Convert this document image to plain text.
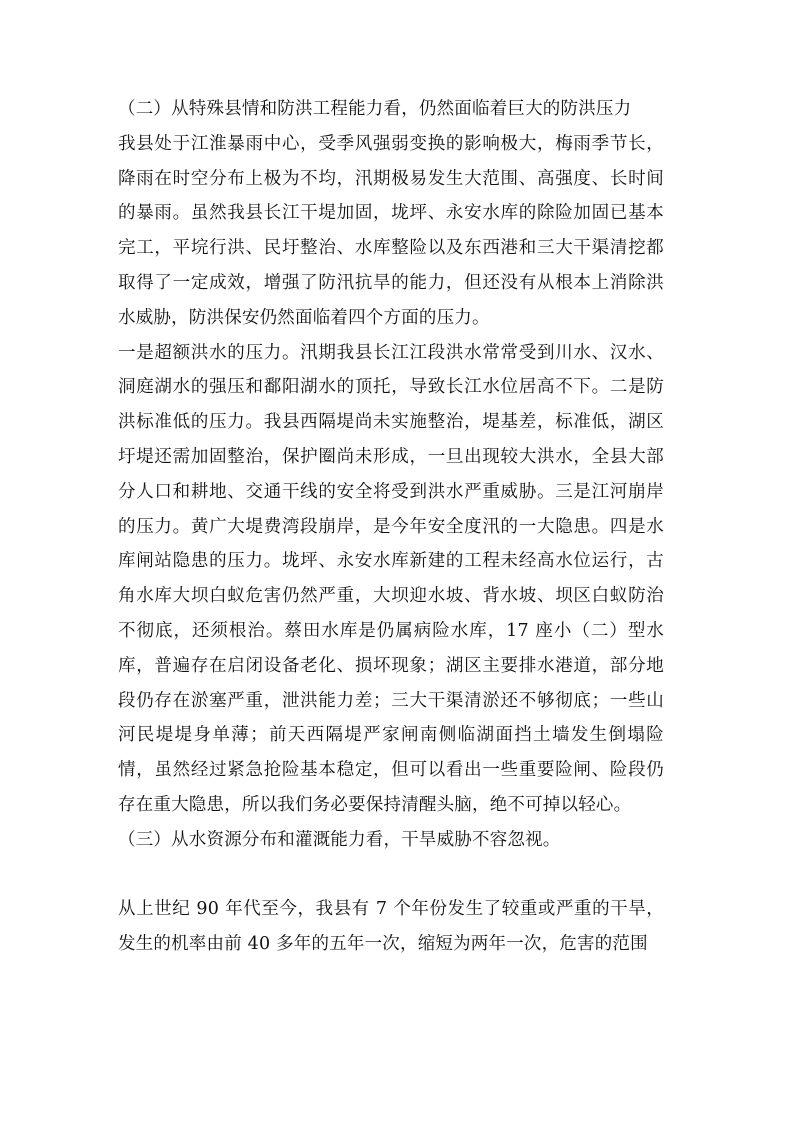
（二）从特殊县情和防洪工程能力看，仍然面临着巨大的防洪压力

我县处于江淮暴雨中心，受季风强弱变换的影响极大，梅雨季节长，降雨在时空分布上极为不均，汛期极易发生大范围、高强度、长时间的暴雨。虽然我县长江干堤加固，垅坪、永安水库的除险加固已基本完工，平垸行洪、民圩整治、水库整险以及东西港和三大干渠清挖都取得了一定成效，增强了防汛抗旱的能力，但还没有从根本上消除洪水威胁，防洪保安仍然面临着四个方面的压力。

一是超额洪水的压力。汛期我县长江江段洪水常常受到川水、汉水、洞庭湖水的强压和鄱阳湖水的顶托，导致长江水位居高不下。二是防洪标准低的压力。我县西隔堤尚未实施整治，堤基差，标准低，湖区圩堤还需加固整治，保护圈尚未形成，一旦出现较大洪水，全县大部分人口和耕地、交通干线的安全将受到洪水严重威胁。三是江河崩岸的压力。黄广大堤费湾段崩岸，是今年安全度汛的一大隐患。四是水库闸站隐患的压力。垅坪、永安水库新建的工程未经高水位运行，古角水库大坝白蚁危害仍然严重，大坝迎水坡、背水坡、坝区白蚁防治不彻底，还须根治。蔡田水库是仍属病险水库，17 座小（二）型水库，普遍存在启闭设备老化、损坏现象；湖区主要排水港道，部分地段仍存在淤塞严重，泄洪能力差；三大干渠清淤还不够彻底；一些山河民堤堤身单薄；前天西隔堤严家闸南侧临湖面挡土墙发生倒塌险情，虽然经过紧急抢险基本稳定，但可以看出一些重要险闸、险段仍存在重大隐患，所以我们务必要保持清醒头脑，绝不可掉以轻心。

（三）从水资源分布和灌溉能力看，干旱威胁不容忽视。

从上世纪 90 年代至今，我县有 7 个年份发生了较重或严重的干旱，发生的机率由前 40 多年的五年一次，缩短为两年一次，危害的范围
